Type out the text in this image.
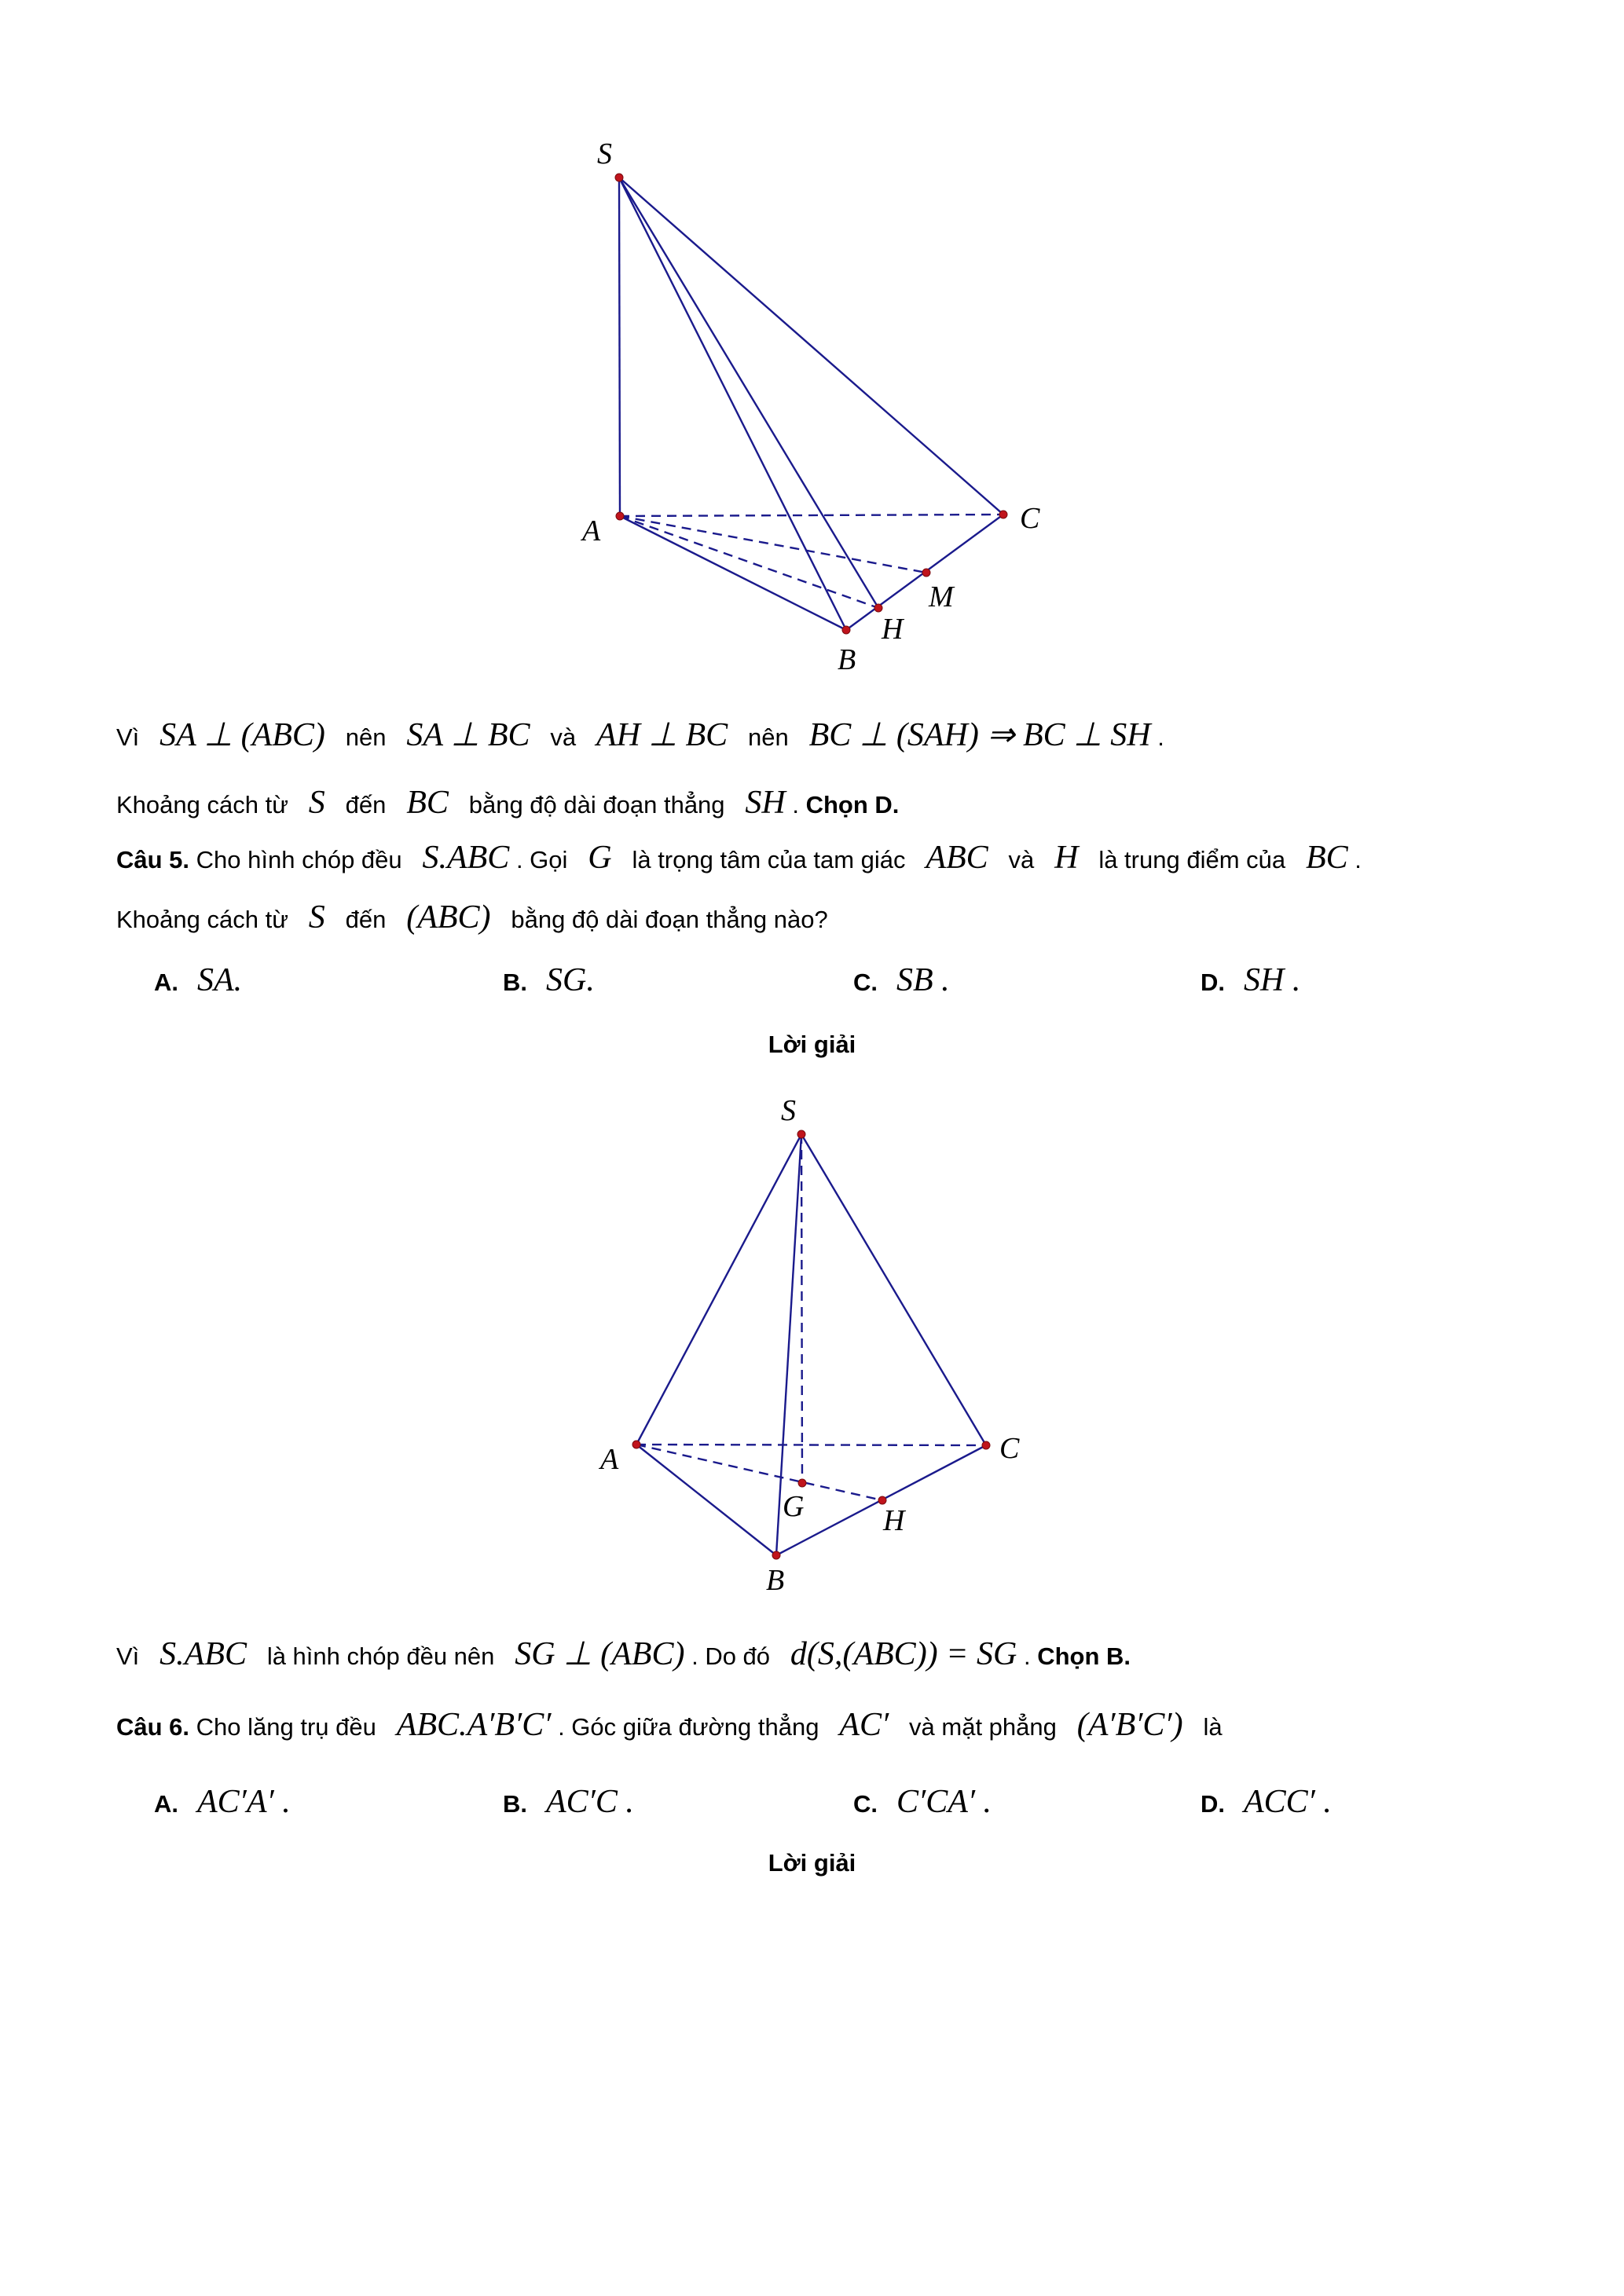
S
A	C
M
H
B
Vì SA ⊥ (ABC) nên SA ⊥ BC và AH ⊥ BC nên BC ⊥ (SAH) ⇒ BC ⊥ SH .
Khoảng cách từ S đến BC bằng độ dài đoạn thẳng SH . Chọn D.
Câu 5. Cho hình chóp đều S.ABC . Gọi G là trọng tâm của tam giác ABC và H là trung điểm của BC .
Khoảng cách từ S đến (ABC) bằng độ dài đoạn thẳng nào?
A. SA.	B. SG.	C. SB .	D. SH .
Lời giải
S
A	C
G	H
B
Vì S.ABC là hình chóp đều nên SG ⊥ (ABC) . Do đó d(S,(ABC)) = SG . Chọn B.
Câu 6. Cho lăng trụ đều ABC.A′B′C′ . Góc giữa đường thẳng AC′ và mặt phẳng (A′B′C′) là
A. AC′A′ .	B. AC′C .	C. C′CA′ .	D. ACC′ .
Lời giải
